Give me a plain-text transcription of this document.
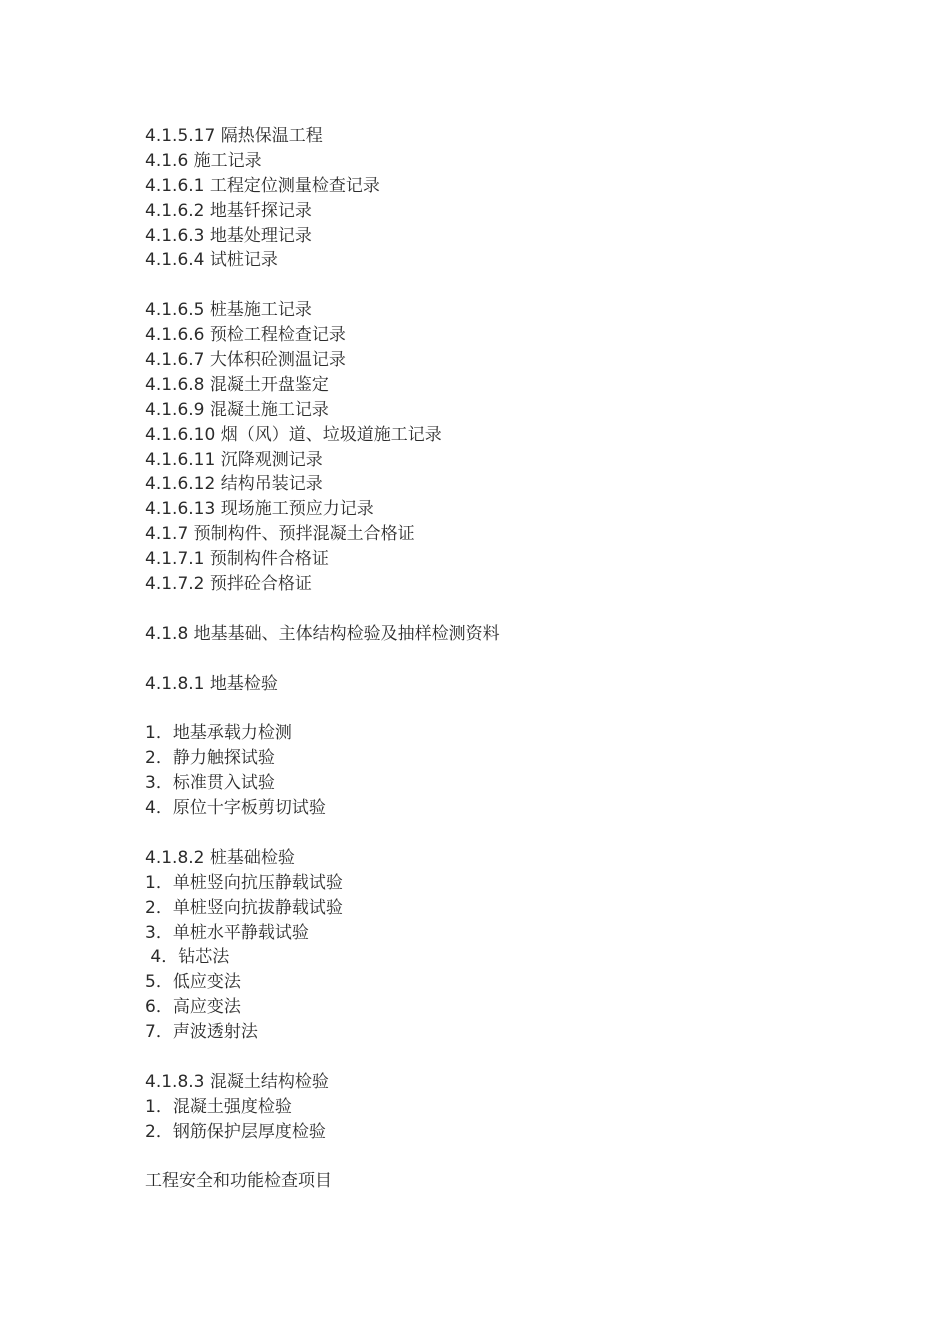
4.1.5.17 隔热保温工程
4.1.6 施工记录
4.1.6.1 工程定位测量检查记录
4.1.6.2 地基钎探记录
4.1.6.3 地基处理记录
4.1.6.4 试桩记录
4.1.6.5 桩基施工记录
4.1.6.6 预检工程检查记录
4.1.6.7 大体积砼测温记录
4.1.6.8 混凝土开盘鉴定
4.1.6.9 混凝土施工记录
4.1.6.10 烟（风）道、垃圾道施工记录
4.1.6.11 沉降观测记录
4.1.6.12 结构吊装记录
4.1.6.13 现场施工预应力记录
4.1.7 预制构件、预拌混凝土合格证
4.1.7.1 预制构件合格证
4.1.7.2 预拌砼合格证
4.1.8 地基基础、主体结构检验及抽样检测资料
4.1.8.1 地基检验
1．地基承载力检测
2．静力触探试验
3．标准贯入试验
4．原位十字板剪切试验
4.1.8.2 桩基础检验
1．单桩竖向抗压静载试验
2．单桩竖向抗拔静载试验
3．单桩水平静载试验
4．钻芯法
5．低应变法
6．高应变法
7．声波透射法
4.1.8.3 混凝土结构检验
1．混凝土强度检验
2．钢筋保护层厚度检验
工程安全和功能检查项目
